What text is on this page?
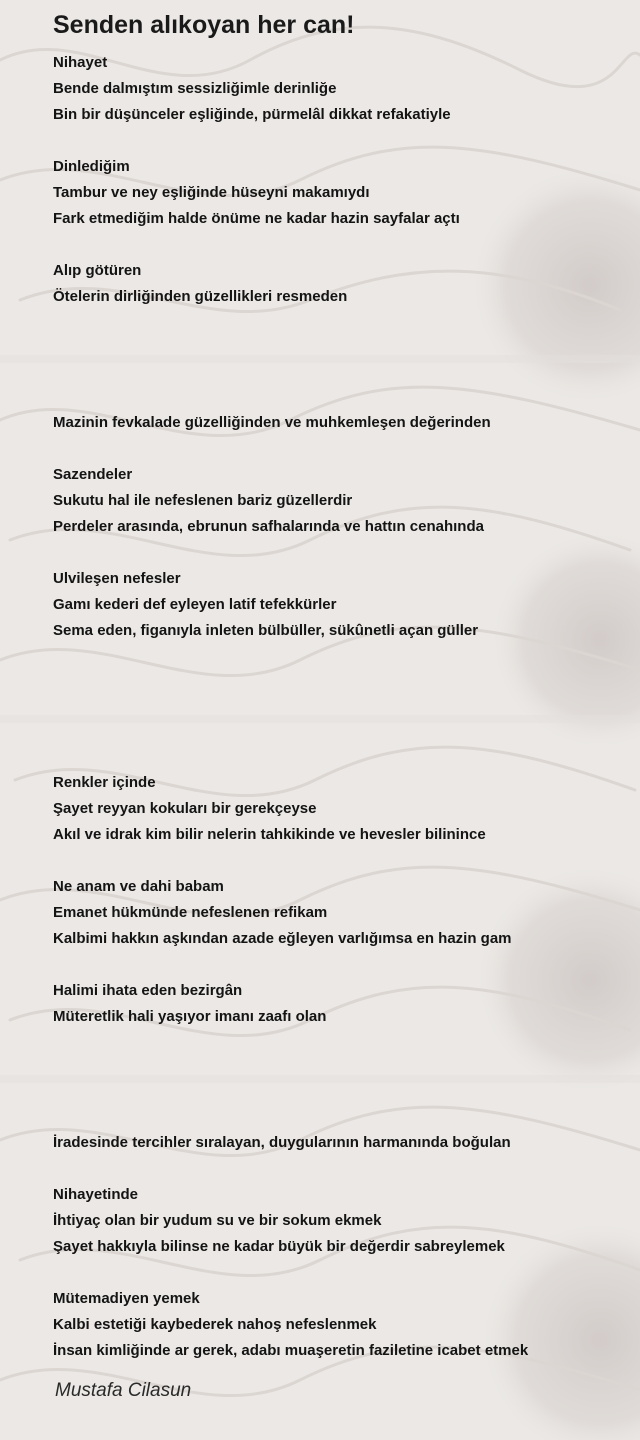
Senden alıkoyan her can!
Nihayet
Bende dalmıştım sessizliğimle derinliğe
Bin bir düşünceler eşliğinde, pürmelâl dikkat refakatiyle
Dinlediğim
Tambur ve ney eşliğinde hüseyni makamıydı
Fark etmediğim halde önüme ne kadar hazin sayfalar açtı
Alıp götüren
Ötelerin dirliğinden güzellikleri resmeden
Mazinin fevkalade güzelliğinden ve muhkemleşen değerinden
Sazendeler
Sukutu hal ile nefeslenen bariz güzellerdir
Perdeler arasında, ebrunun safhalarında ve hattın cenahında
Ulvileşen nefesler
Gamı kederi def eyleyen latif tefekkürler
Sema eden, figanıyla inleten bülbüller, sükûnetli açan güller
Renkler içinde
Şayet reyyan kokuları bir gerekçeyse
Akıl ve idrak kim bilir nelerin tahkikinde ve hevesler bilinince
Ne anam ve dahi babam
Emanet hükmünde nefeslenen refikam
Kalbimi hakkın aşkından azade eğleyen varlığımsa en hazin gam
Halimi ihata eden bezirgân
Müteretlik hali yaşıyor imanı zaafı olan
İradesinde tercihler sıralayan, duygularının harmanında boğulan
Nihayetinde
İhtiyaç olan bir yudum su ve bir sokum ekmek
Şayet hakkıyla bilinse ne kadar büyük bir değerdir sabreylemek
Mütemadiyen yemek
Kalbi estetiği kaybederek nahoş nefeslenmek
İnsan kimliğinde ar gerek, adabı muaşeretin faziletine icabet etmek
Mustafa Cilasun
